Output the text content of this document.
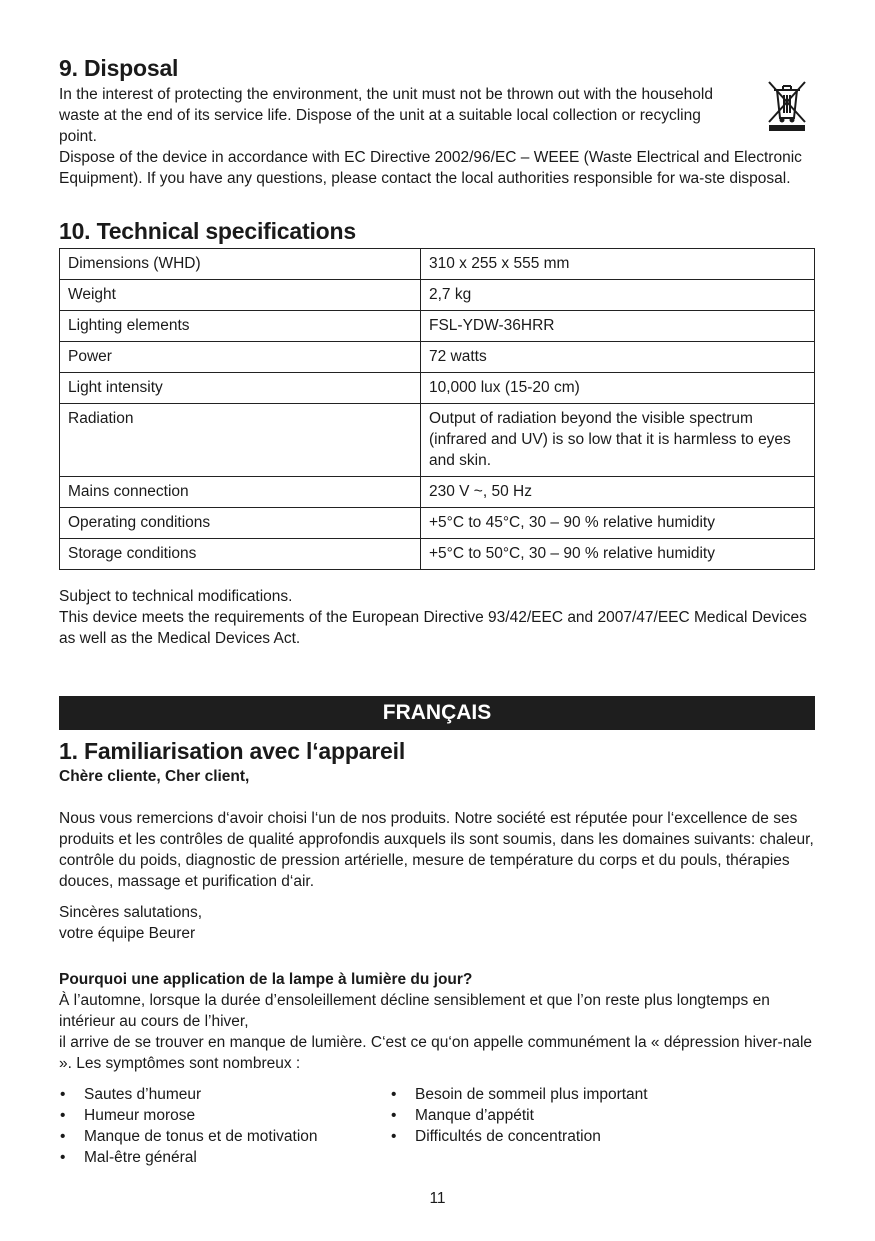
9. Disposal

In the interest of protecting the environment, the unit must not be thrown out with the household

waste at the end of its service life. Dispose of the unit at a suitable local collection or recycling

point.

Dispose of the device in accordance with EC Directive 2002/96/EC – WEEE (Waste Electrical and Electronic Equipment). If you have any questions, please contact the local authorities responsible for wa-ste disposal.

10. Technical specifications
Dimensions (WHD)	310 x 255 x 555 mm
Weight	2,7 kg
Lighting elements	FSL-YDW-36HRR
Power	72 watts
Light intensity	10,000 lux (15-20 cm)
Radiation	Output of radiation beyond the visible spectrum (infrared and UV) is so low that it is harmless to eyes and skin.
Mains connection	230 V ~, 50 Hz
Operating conditions	+5°C to 45°C, 30 – 90 % relative humidity
Storage conditions	+5°C to 50°C, 30 – 90 % relative humidity

Subject to technical modifications.

This device meets the requirements of the European Directive 93/42/EEC and 2007/47/EEC Medical Devices as well as the Medical Devices Act.

FRANÇAIS
1. Familiarisation avec l‘appareil

Chère cliente, Cher client,

Nous vous remercions d‘avoir choisi l‘un de nos produits. Notre société est réputée pour l‘excellence de ses produits et les contrôles de qualité approfondis auxquels ils sont soumis, dans les domaines suivants: chaleur, contrôle du poids, diagnostic de pression artérielle, mesure de température du corps et du pouls, thérapies douces, massage et purification d‘air.

Sincères salutations,

votre équipe Beurer

Pourquoi une application de la lampe à lumière du jour?

À l’automne, lorsque la durée d’ensoleillement décline sensiblement et que l’on reste plus longtemps en intérieur au cours de l’hiver,

il arrive de se trouver en manque de lumière. C‘est ce qu‘on appelle communément la « dépression hiver-nale ». Les symptômes sont nombreux :

• Sautes d’humeur
• Humeur morose
• Manque de tonus et de motivation
• Mal-être général
• Besoin de sommeil plus important
• Manque d’appétit
• Difficultés de concentration
11
